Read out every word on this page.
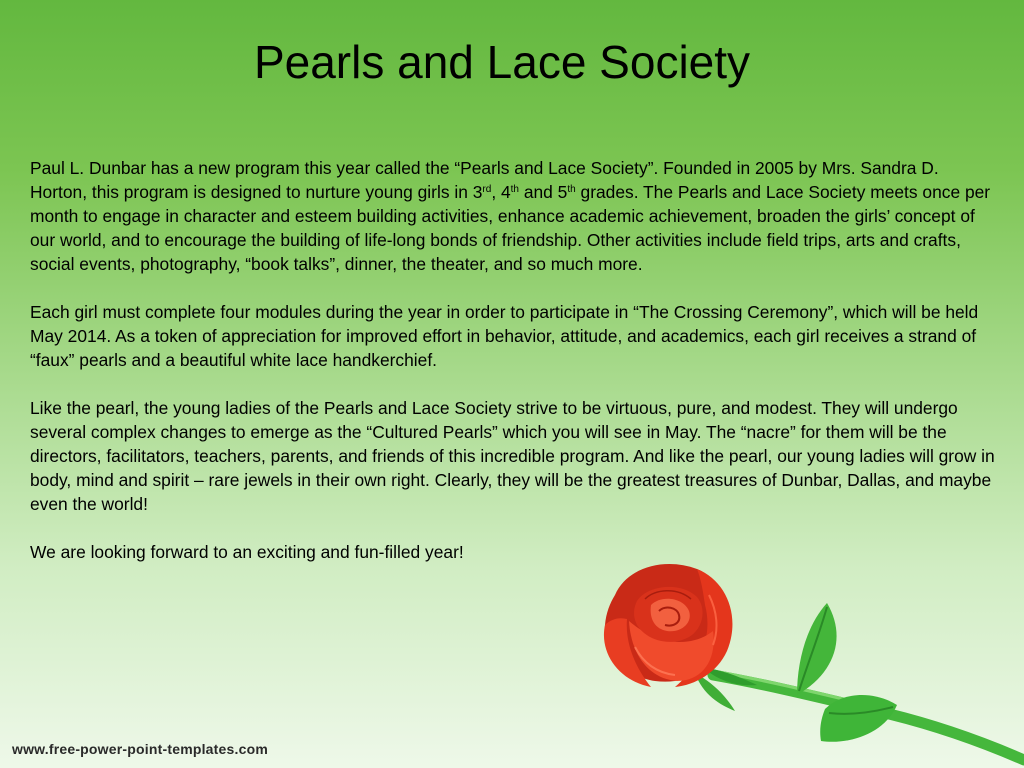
Pearls and Lace Society

Paul L. Dunbar has a new program this year called the “Pearls and Lace Society”. Founded in 2005 by Mrs. Sandra D. Horton, this program is designed to nurture young girls in 3rd, 4th and 5th grades. The Pearls and Lace Society meets once per month to engage in character and esteem building activities, enhance academic achievement, broaden the girls’ concept of our world, and to encourage the building of life-long bonds of friendship. Other activities include field trips, arts and crafts, social events, photography, “book talks”, dinner, the theater, and so much more.

Each girl must complete four modules during the year in order to participate in “The Crossing Ceremony”, which will be held May 2014. As a token of appreciation for improved effort in behavior, attitude, and academics, each girl receives a strand of “faux” pearls and a beautiful white lace handkerchief.

Like the pearl, the young ladies of the Pearls and Lace Society strive to be virtuous, pure, and modest. They will undergo several complex changes to emerge as the “Cultured Pearls” which you will see in May. The “nacre” for them will be the directors, facilitators, teachers, parents, and friends of this incredible program. And like the pearl, our young ladies will grow in body, mind and spirit – rare jewels in their own right. Clearly, they will be the greatest treasures of Dunbar, Dallas, and maybe even the world!

We are looking forward to an exciting and fun-filled year!

www.free-power-point-templates.com
